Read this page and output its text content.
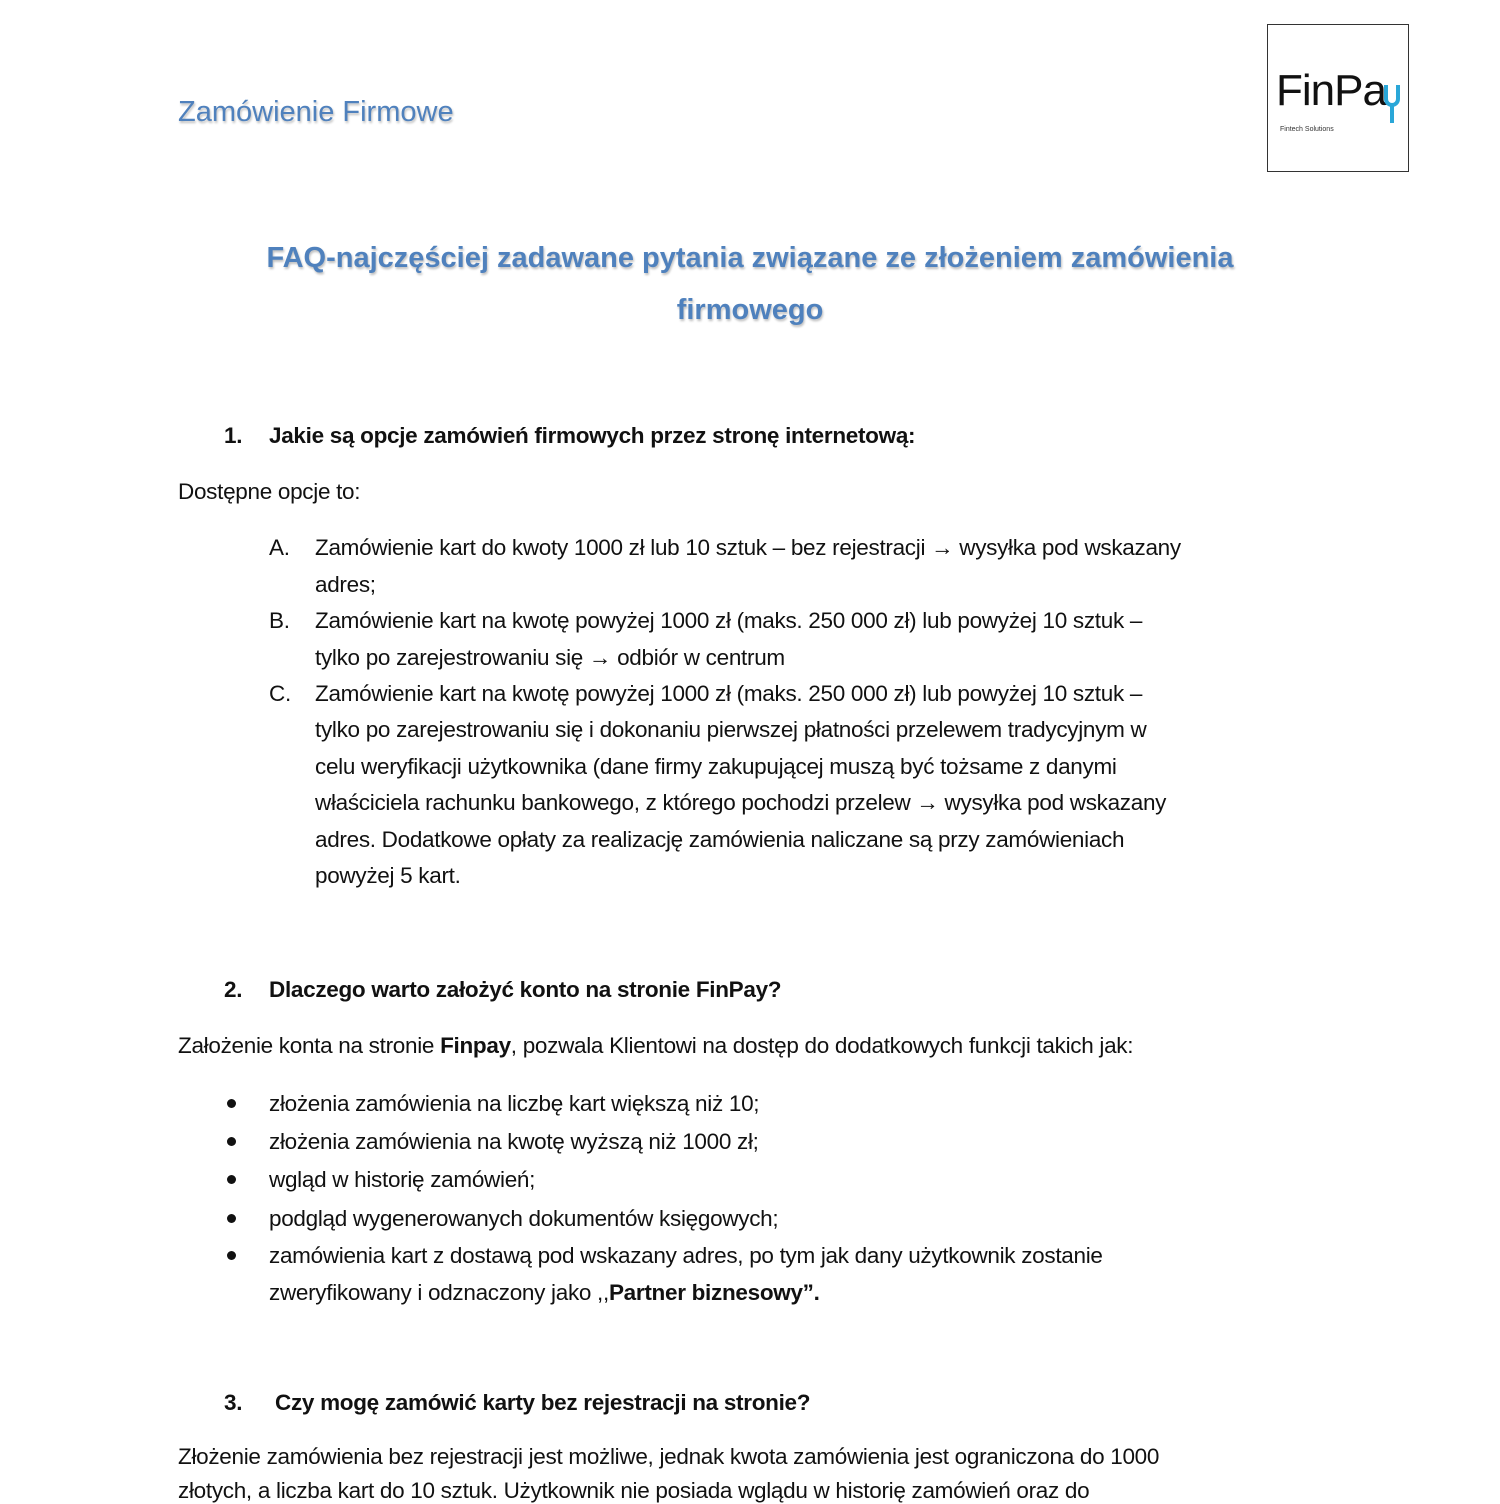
Zamówienie Firmowe	FinPa
Fintech Solutions
FAQ-najczęściej zadawane pytania związane ze złożeniem zamówienia
firmowego
1. Jakie są opcje zamówień firmowych przez stronę internetową:
Dostępne opcje to:
A. Zamówienie kart do kwoty 1000 zł lub 10 sztuk – bez rejestracji → wysyłka pod wskazany
adres;
B. Zamówienie kart na kwotę powyżej 1000 zł (maks. 250 000 zł) lub powyżej 10 sztuk –
tylko po zarejestrowaniu się → odbiór w centrum
C. Zamówienie kart na kwotę powyżej 1000 zł (maks. 250 000 zł) lub powyżej 10 sztuk –
tylko po zarejestrowaniu się i dokonaniu pierwszej płatności przelewem tradycyjnym w
celu weryfikacji użytkownika (dane firmy zakupującej muszą być tożsame z danymi
właściciela rachunku bankowego, z którego pochodzi przelew → wysyłka pod wskazany
adres. Dodatkowe opłaty za realizację zamówienia naliczane są przy zamówieniach
powyżej 5 kart.
2. Dlaczego warto założyć konto na stronie FinPay?
Założenie konta na stronie Finpay, pozwala Klientowi na dostęp do dodatkowych funkcji takich jak:
złożenia zamówienia na liczbę kart większą niż 10;
złożenia zamówienia na kwotę wyższą niż 1000 zł;
wgląd w historię zamówień;
podgląd wygenerowanych dokumentów księgowych;
zamówienia kart z dostawą pod wskazany adres, po tym jak dany użytkownik zostanie
zweryfikowany i odznaczony jako ,,Partner biznesowy”.
3. Czy mogę zamówić karty bez rejestracji na stronie?
Złożenie zamówienia bez rejestracji jest możliwe, jednak kwota zamówienia jest ograniczona do 1000
złotych, a liczba kart do 10 sztuk. Użytkownik nie posiada wglądu w historię zamówień oraz do
